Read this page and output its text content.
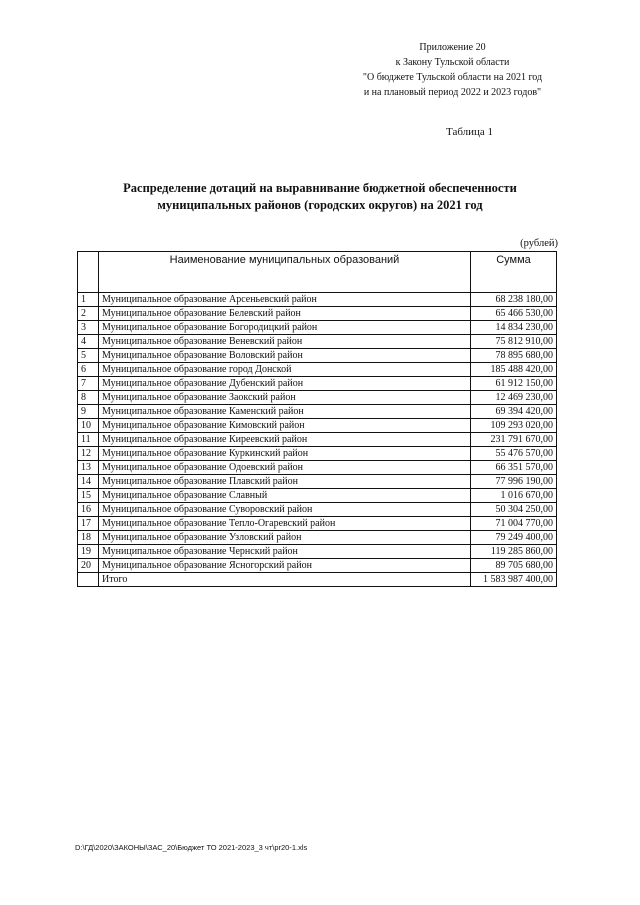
Приложение 20
к Закону Тульской области
"О бюджете Тульской области на 2021 год
и на плановый период 2022 и 2023 годов"
Таблица 1
Распределение дотаций на выравнивание бюджетной обеспеченности
муниципальных районов (городских округов) на 2021 год
(рублей)
	Наименование муниципальных образований	Сумма
1	Муниципальное образование Арсеньевский район	68 238 180,00
2	Муниципальное образование Белевский район	65 466 530,00
3	Муниципальное образование Богородицкий район	14 834 230,00
4	Муниципальное образование Веневский район	75 812 910,00
5	Муниципальное образование Воловский район	78 895 680,00
6	Муниципальное образование город Донской	185 488 420,00
7	Муниципальное образование Дубенский район	61 912 150,00
8	Муниципальное образование Заокский район	12 469 230,00
9	Муниципальное образование Каменский район	69 394 420,00
10	Муниципальное образование Кимовский район	109 293 020,00
11	Муниципальное образование Киреевский район	231 791 670,00
12	Муниципальное образование Куркинский район	55 476 570,00
13	Муниципальное образование Одоевский район	66 351 570,00
14	Муниципальное образование Плавский район	77 996 190,00
15	Муниципальное образование Славный	1 016 670,00
16	Муниципальное образование Суворовский район	50 304 250,00
17	Муниципальное образование Тепло-Огаревский район	71 004 770,00
18	Муниципальное образование Узловский район	79 249 400,00
19	Муниципальное образование Чернский район	119 285 860,00
20	Муниципальное образование Ясногорский район	89 705 680,00
	Итого	1 583 987 400,00
D:\ГД\2020\ЗАКОНЫ\ЗАС_20\Бюджет ТО 2021-2023_3 чт\pr20-1.xls
